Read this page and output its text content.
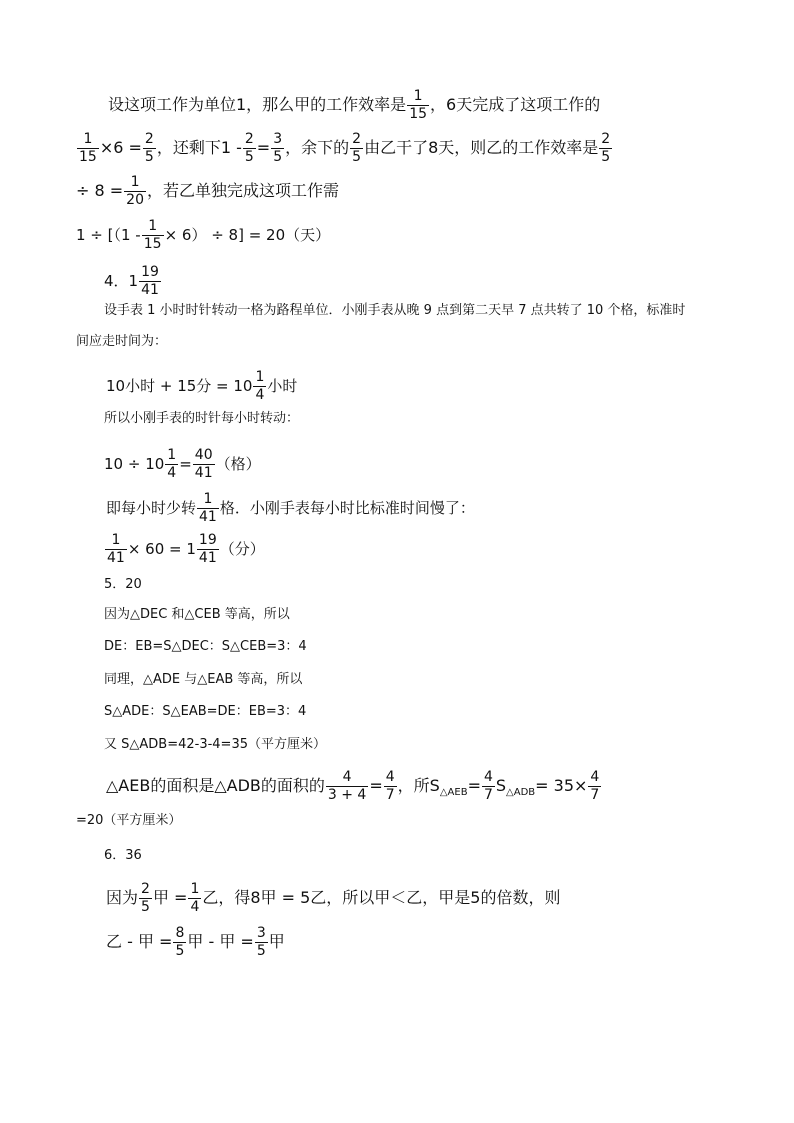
设这项工作为单位1，那么甲的工作效率是 $\frac{1}{15}$ ，6天完成了这项工作的
$\frac{1}{15} \times 6 = \frac{2}{5}$ ，还剩下$1 - \frac{2}{5} = \frac{3}{5}$ ，余下的 $\frac{2}{5}$ 由乙干了8天，则乙的工作效率是 $\frac{2}{5}$
÷ $8 = \frac{1}{20}$ ，若乙单独完成这项工作需
$1 \div [(1 - \frac{1}{15} \times 6) \div 8] = 20$（天）
4．$1 \frac{19}{41}$
设手表 1 小时时针转动一格为路程单位．小刚手表从晚 9 点到第二天早 7 点共转了 10 个格，标准时
间应走时间为：
10小时 + 15分 = $10 \frac{1}{4}$ 小时
所以小刚手表的时针每小时转动：
$10 \div 10 \frac{1}{4} = \frac{40}{41}$ （格）
即每小时少转 $\frac{1}{41}$ 格．小刚手表每小时比标准时间慢了：
$\frac{1}{41} \times 60 = 1 \frac{19}{41}$ （分）
5．20
因为△DEC 和△CEB 等高，所以
DE：EB=S△DEC：S△CEB=3：4
同理，△ADE 与△EAB 等高，所以
S△ADE：S△EAB=DE：EB=3：4
又 S△ADB=42-3-4=35（平方厘米）
△AEB的面积是△ADB的面积的 $\frac{4}{3 + 4} = \frac{4}{7}$ ，所$S_{\triangle AEB}= \frac{4}{7} S_{\triangle ADB}= 35\times \frac{4}{7}$
=20（平方厘米）
6．36
因为 $\frac{2}{5}$ 甲 = $\frac{1}{4}$ 乙，得8甲 = 5乙，所以甲＜乙，甲是5的倍数，则
乙 - 甲 = $\frac{8}{5}$ 甲 - 甲 = $\frac{3}{5}$ 甲
